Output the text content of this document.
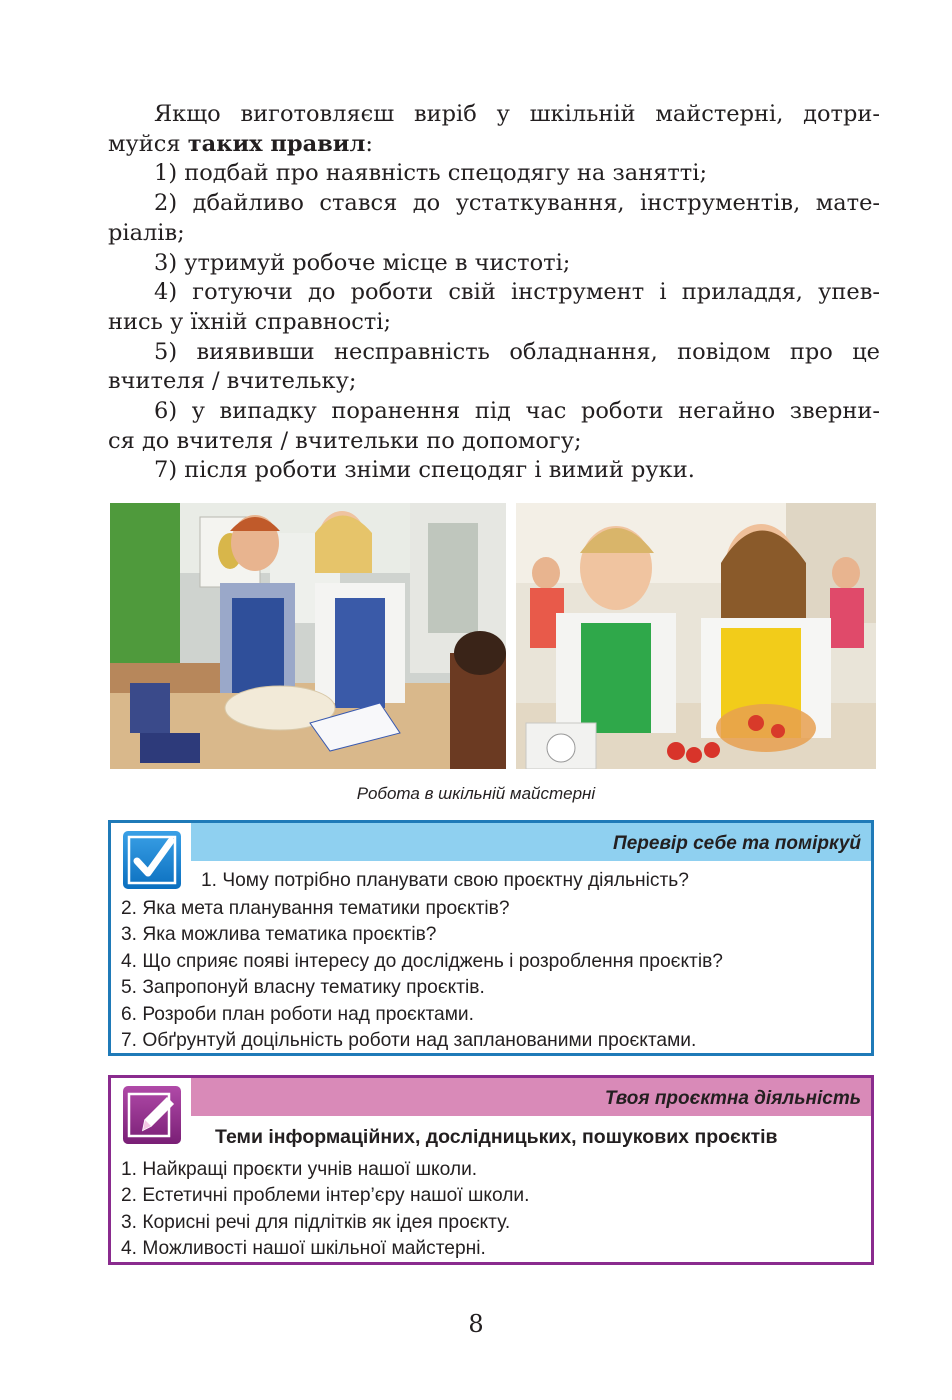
Якщо виготовляєш виріб у шкільній майстерні, дотри-

муйся таких правил:

1) подбай про наявність спецодягу на занятті;

2) дбайливо стався до устаткування, інструментів, мате-

ріалів;

3) утримуй робоче місце в чистоті;

4) готуючи до роботи свій інструмент і приладдя, упев-

нись у їхній справності;

5) виявивши несправність обладнання, повідом про це

вчителя / вчительку;

6) у випадку поранення під час роботи негайно зверни-

ся до вчителя / вчительки по допомогу;

7) після роботи зніми спецодяг і вимий руки.

Робота в шкільній майстерні
Перевір себе та поміркуй
1. Чому потрібно планувати свою проєктну діяльність?
2. Яка мета планування тематики проєктів?
3. Яка можлива тематика проєктів?
4. Що сприяє появі інтересу до досліджень і розроблення проєктів?
5. Запропонуй власну тематику проєктів.
6. Розроби план роботи над проєктами.
7. Обґрунтуй доцільність роботи над запланованими проєктами.
Твоя проєктна діяльність
Теми інформаційних, дослідницьких, пошукових проєктів
1. Найкращі проєкти учнів нашої школи.
2. Естетичні проблеми інтер’єру нашої школи.
3. Корисні речі для підлітків як ідея проєкту.
4. Можливості нашої шкільної майстерні.
8
